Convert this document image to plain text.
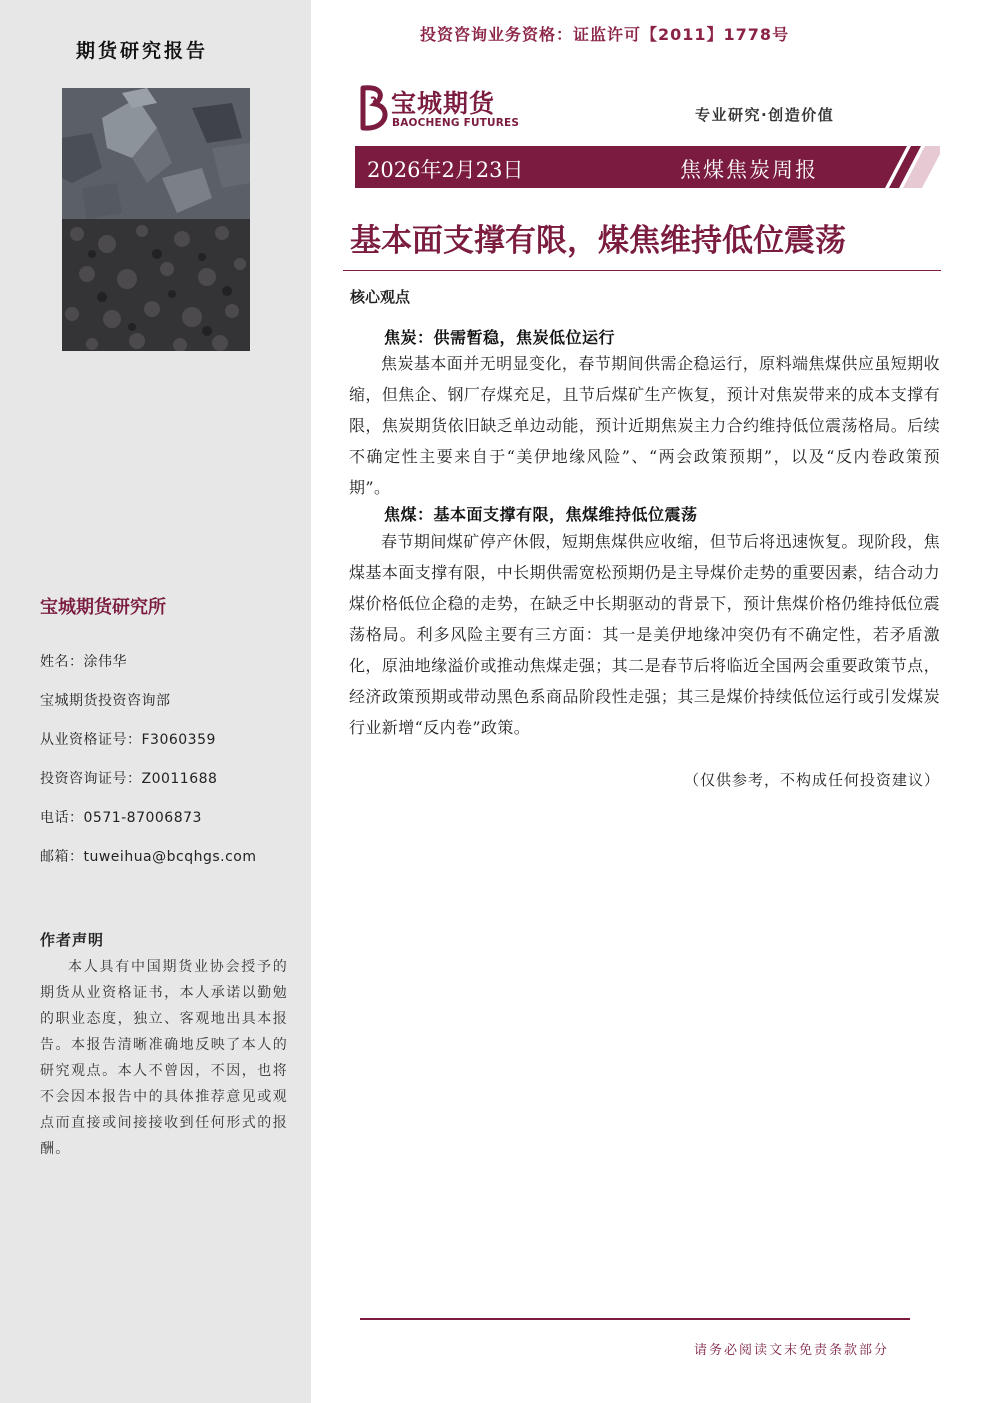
期货研究报告
宝城期货研究所
姓名：涂伟华
宝城期货投资咨询部
从业资格证号：F3060359
投资咨询证号：Z0011688
电话：0571-87006873
邮箱：tuweihua@bcqhgs.com
作者声明
本人具有中国期货业协会授予的期货从业资格证书，本人承诺以勤勉的职业态度，独立、客观地出具本报告。本报告清晰准确地反映了本人的研究观点。本人不曾因，不因，也将不会因本报告中的具体推荐意见或观点而直接或间接接收到任何形式的报酬。
投资咨询业务资格：证监许可【2011】1778号
宝城期货
BAOCHENG FUTURES	专业研究·创造价值
2026年2月23日	焦煤焦炭周报
基本面支撑有限，煤焦维持低位震荡
核心观点
焦炭：供需暂稳，焦炭低位运行
焦炭基本面并无明显变化，春节期间供需企稳运行，原料端焦煤供应虽短期收缩，但焦企、钢厂存煤充足，且节后煤矿生产恢复，预计对焦炭带来的成本支撑有限，焦炭期货依旧缺乏单边动能，预计近期焦炭主力合约维持低位震荡格局。后续不确定性主要来自于“美伊地缘风险”、“两会政策预期”，以及“反内卷政策预期”。
焦煤：基本面支撑有限，焦煤维持低位震荡
春节期间煤矿停产休假，短期焦煤供应收缩，但节后将迅速恢复。现阶段，焦煤基本面支撑有限，中长期供需宽松预期仍是主导煤价走势的重要因素，结合动力煤价格低位企稳的走势，在缺乏中长期驱动的背景下，预计焦煤价格仍维持低位震荡格局。利多风险主要有三方面：其一是美伊地缘冲突仍有不确定性，若矛盾激化，原油地缘溢价或推动焦煤走强；其二是春节后将临近全国两会重要政策节点，经济政策预期或带动黑色系商品阶段性走强；其三是煤价持续低位运行或引发煤炭行业新增“反内卷”政策。
（仅供参考，不构成任何投资建议）
请务必阅读文末免责条款部分
